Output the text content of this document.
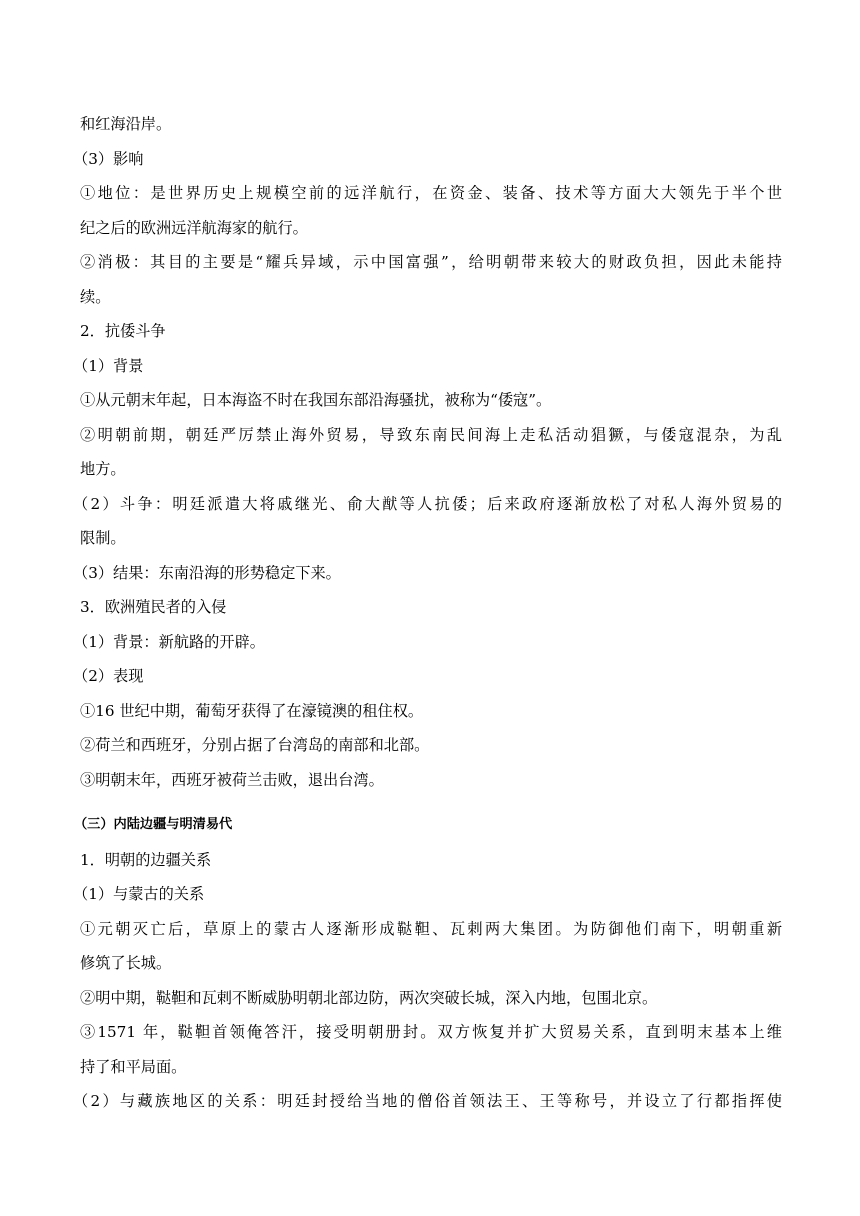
和红海沿岸。
（3）影响
①地位：是世界历史上规模空前的远洋航行，在资金、装备、技术等方面大大领先于半个世
纪之后的欧洲远洋航海家的航行。
②消极：其目的主要是“耀兵异域，示中国富强”，给明朝带来较大的财政负担，因此未能持
续。
2．抗倭斗争
（1）背景
①从元朝末年起，日本海盗不时在我国东部沿海骚扰，被称为“倭寇”。
②明朝前期，朝廷严厉禁止海外贸易，导致东南民间海上走私活动猖獗，与倭寇混杂，为乱
地方。
（2）斗争：明廷派遣大将戚继光、俞大猷等人抗倭；后来政府逐渐放松了对私人海外贸易的
限制。
（3）结果：东南沿海的形势稳定下来。
3．欧洲殖民者的入侵
（1）背景：新航路的开辟。
（2）表现
①16 世纪中期，葡萄牙获得了在濠镜澳的租住权。
②荷兰和西班牙，分别占据了台湾岛的南部和北部。
③明朝末年，西班牙被荷兰击败，退出台湾。
（三）内陆边疆与明清易代
1．明朝的边疆关系
（1）与蒙古的关系
①元朝灭亡后，草原上的蒙古人逐渐形成鞑靼、瓦剌两大集团。为防御他们南下，明朝重新
修筑了长城。
②明中期，鞑靼和瓦剌不断威胁明朝北部边防，两次突破长城，深入内地，包围北京。
③1571 年，鞑靼首领俺答汗，接受明朝册封。双方恢复并扩大贸易关系，直到明末基本上维
持了和平局面。
（2）与藏族地区的关系：明廷封授给当地的僧俗首领法王、王等称号，并设立了行都指挥使
